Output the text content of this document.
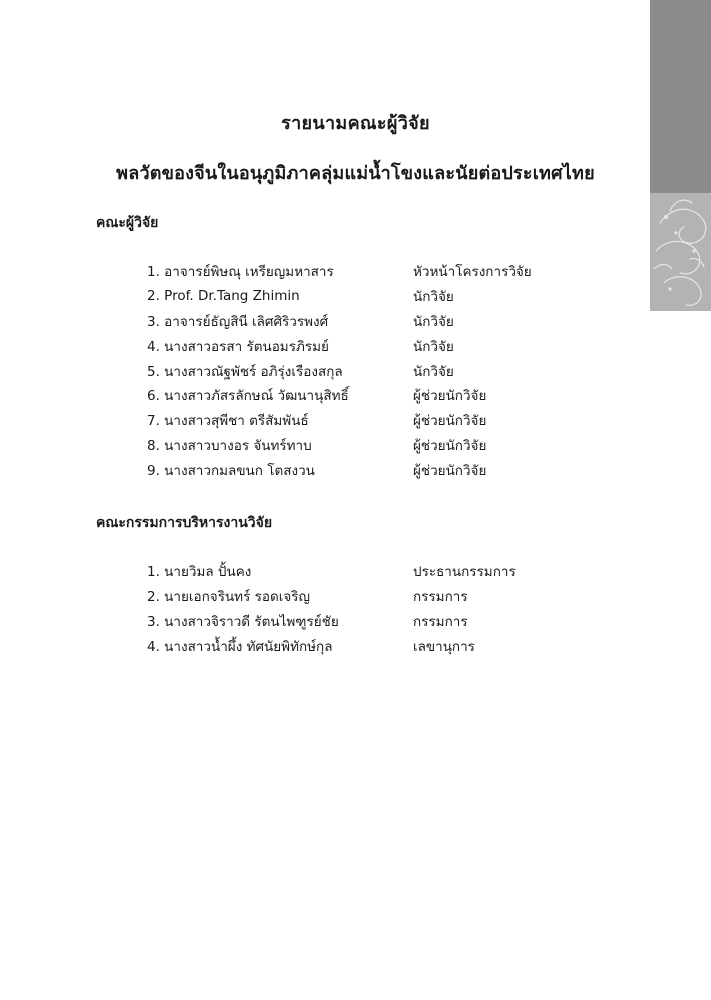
รายนามคณะผู้วิจัย
พลวัตของจีนในอนุภูมิภาคลุ่มแม่น้ำโขงและนัยต่อประเทศไทย
คณะผู้วิจัย
1. อาจารย์พิษณุ เหรียญมหาสาร	หัวหน้าโครงการวิจัย
2. Prof. Dr.Tang Zhimin	นักวิจัย
3. อาจารย์ธัญสินี เลิศศิริวรพงศ์	นักวิจัย
4. นางสาวอรสา รัตนอมรภิรมย์	นักวิจัย
5. นางสาวณัฐพัชร์ อภิรุ่งเรืองสกุล	นักวิจัย
6. นางสาวภัสรลักษณ์ วัฒนานุสิทธิ์	ผู้ช่วยนักวิจัย
7. นางสาวสุพีชา ตรีสัมพันธ์	ผู้ช่วยนักวิจัย
8. นางสาวบางอร จันทร์ทาบ	ผู้ช่วยนักวิจัย
9. นางสาวกมลขนก โตสงวน	ผู้ช่วยนักวิจัย
คณะกรรมการบริหารงานวิจัย
1. นายวิมล ปั้นคง	ประธานกรรมการ
2. นายเอกจรินทร์ รอดเจริญ	กรรมการ
3. นางสาวจิราวดี รัตนไพฑูรย์ชัย	กรรมการ
4. นางสาวน้ำผึ้ง ทัศนัยพิทักษ์กุล	เลขานุการ
